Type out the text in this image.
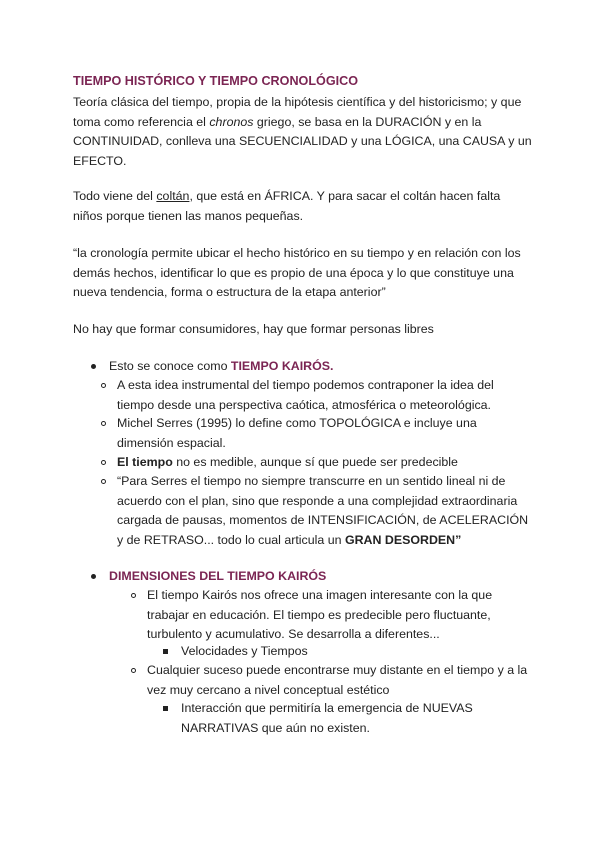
TIEMPO HISTÓRICO Y TIEMPO CRONOLÓGICO
Teoría clásica del tiempo, propia de la hipótesis científica y del historicismo; y que toma como referencia el chronos griego, se basa en la DURACIÓN y en la CONTINUIDAD, conlleva una SECUENCIALIDAD y una LÓGICA, una CAUSA y un EFECTO.
Todo viene del coltán, que está en ÁFRICA. Y para sacar el coltán hacen falta niños porque tienen las manos pequeñas.
“la cronología permite ubicar el hecho histórico en su tiempo y en relación con los demás hechos, identificar lo que es propio de una época y lo que constituye una nueva tendencia, forma o estructura de la etapa anterior”
No hay que formar consumidores, hay que formar personas libres
Esto se conoce como TIEMPO KAIRÓS.
A esta idea instrumental del tiempo podemos contraponer la idea del tiempo desde una perspectiva caótica, atmosférica o meteorológica.
Michel Serres (1995) lo define como TOPOLÓGICA e incluye una dimensión espacial.
El tiempo no es medible, aunque sí que puede ser predecible
“Para Serres el tiempo no siempre transcurre en un sentido lineal ni de acuerdo con el plan, sino que responde a una complejidad extraordinaria cargada de pausas, momentos de INTENSIFICACIÓN, de ACELERACIÓN y de RETRASO... todo lo cual articula un GRAN DESORDEN”
DIMENSIONES DEL TIEMPO KAIRÓS
El tiempo Kairós nos ofrece una imagen interesante con la que trabajar en educación. El tiempo es predecible pero fluctuante, turbulento y acumulativo. Se desarrolla a diferentes...
Velocidades y Tiempos
Cualquier suceso puede encontrarse muy distante en el tiempo y a la vez muy cercano a nivel conceptual estético
Interacción que permitiría la emergencia de NUEVAS NARRATIVAS que aún no existen.
